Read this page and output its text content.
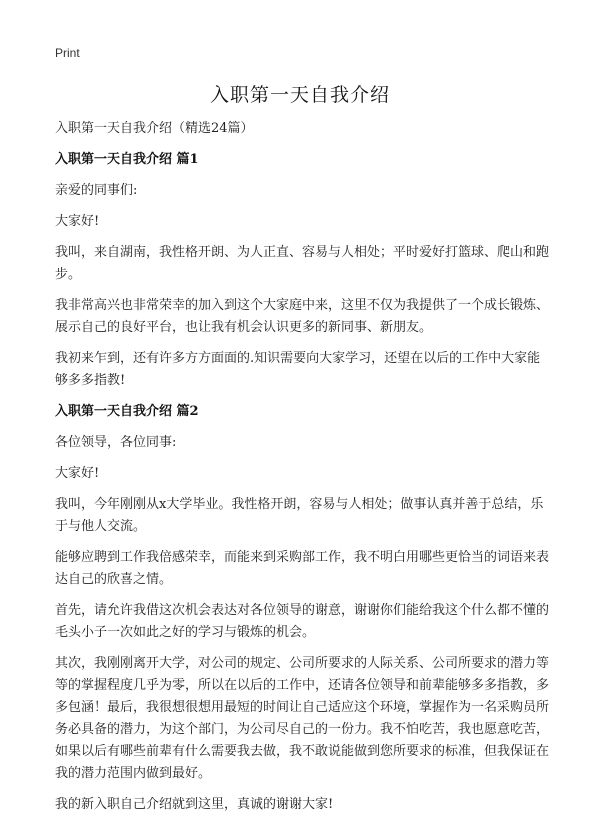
Print
入职第一天自我介绍

入职第一天自我介绍（精选24篇）

入职第一天自我介绍 篇1

亲爱的同事们:

大家好!

我叫，来自湖南，我性格开朗、为人正直、容易与人相处；平时爱好打篮球、爬山和跑步。

我非常高兴也非常荣幸的加入到这个大家庭中来，这里不仅为我提供了一个成长锻炼、展示自己的良好平台，也让我有机会认识更多的新同事、新朋友。

我初来乍到，还有许多方方面面的.知识需要向大家学习，还望在以后的工作中大家能够多多指教!

入职第一天自我介绍 篇2

各位领导，各位同事:

大家好!

我叫，今年刚刚从x大学毕业。我性格开朗，容易与人相处；做事认真并善于总结，乐于与他人交流。

能够应聘到工作我倍感荣幸，而能来到采购部工作，我不明白用哪些更恰当的词语来表达自己的欣喜之情。

首先，请允许我借这次机会表达对各位领导的谢意，谢谢你们能给我这个什么都不懂的毛头小子一次如此之好的学习与锻炼的机会。

其次，我刚刚离开大学，对公司的规定、公司所要求的人际关系、公司所要求的潜力等等的掌握程度几乎为零，所以在以后的工作中，还请各位领导和前辈能够多多指教，多多包涵！最后，我很想很想用最短的时间让自己适应这个环境，掌握作为一名采购员所务必具备的潜力，为这个部门，为公司尽自己的一份力。我不怕吃苦，我也愿意吃苦，如果以后有哪些前辈有什么需要我去做，我不敢说能做到您所要求的标准，但我保证在我的潜力范围内做到最好。

我的新入职自己介绍就到这里，真诚的谢谢大家!
